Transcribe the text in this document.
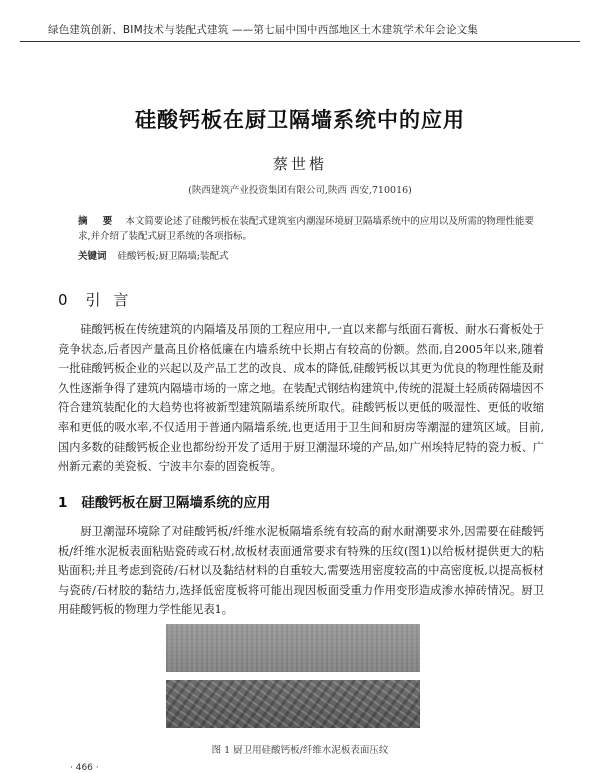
绿色建筑创新、BIM技术与装配式建筑 ——第七届中国中西部地区土木建筑学术年会论文集
硅酸钙板在厨卫隔墙系统中的应用
蔡世楷
(陕西建筑产业投资集团有限公司,陕西 西安,710016)
摘 要 本文简要论述了硅酸钙板在装配式建筑室内潮湿环境厨卫隔墙系统中的应用以及所需的物理性能要求,并介绍了装配式厨卫系统的各项指标。
关键词 硅酸钙板;厨卫隔墙;装配式
0 引 言

硅酸钙板在传统建筑的内隔墙及吊顶的工程应用中,一直以来都与纸面石膏板、耐水石膏板处于竞争状态,后者因产量高且价格低廉在内墙系统中长期占有较高的份额。然而,自2005年以来,随着一批硅酸钙板企业的兴起以及产品工艺的改良、成本的降低,硅酸钙板以其更为优良的物理性能及耐久性逐渐争得了建筑内隔墙市场的一席之地。在装配式钢结构建筑中,传统的混凝土轻质砖隔墙因不符合建筑装配化的大趋势也将被新型建筑隔墙系统所取代。硅酸钙板以更低的吸湿性、更低的收缩率和更低的吸水率,不仅适用于普通内隔墙系统,也更适用于卫生间和厨房等潮湿的建筑区域。目前,国内多数的硅酸钙板企业也都纷纷开发了适用于厨卫潮湿环境的产品,如广州埃特尼特的瓷力板、广州新元素的美瓷板、宁波丰尔泰的固瓷板等。

1 硅酸钙板在厨卫隔墙系统的应用

厨卫潮湿环境除了对硅酸钙板/纤维水泥板隔墙系统有较高的耐水耐潮要求外,因需要在硅酸钙板/纤维水泥板表面粘贴瓷砖或石材,故板材表面通常要求有特殊的压纹(图1)以给板材提供更大的粘贴面积;并且考虑到瓷砖/石材以及黏结材料的自重较大,需要选用密度较高的中高密度板,以提高板材与瓷砖/石材胶的黏结力,选择低密度板将可能出现因板面受重力作用变形造成渗水掉砖情况。厨卫用硅酸钙板的物理力学性能见表1。

图 1 厨卫用硅酸钙板/纤维水泥板表面压纹
· 466 ·
